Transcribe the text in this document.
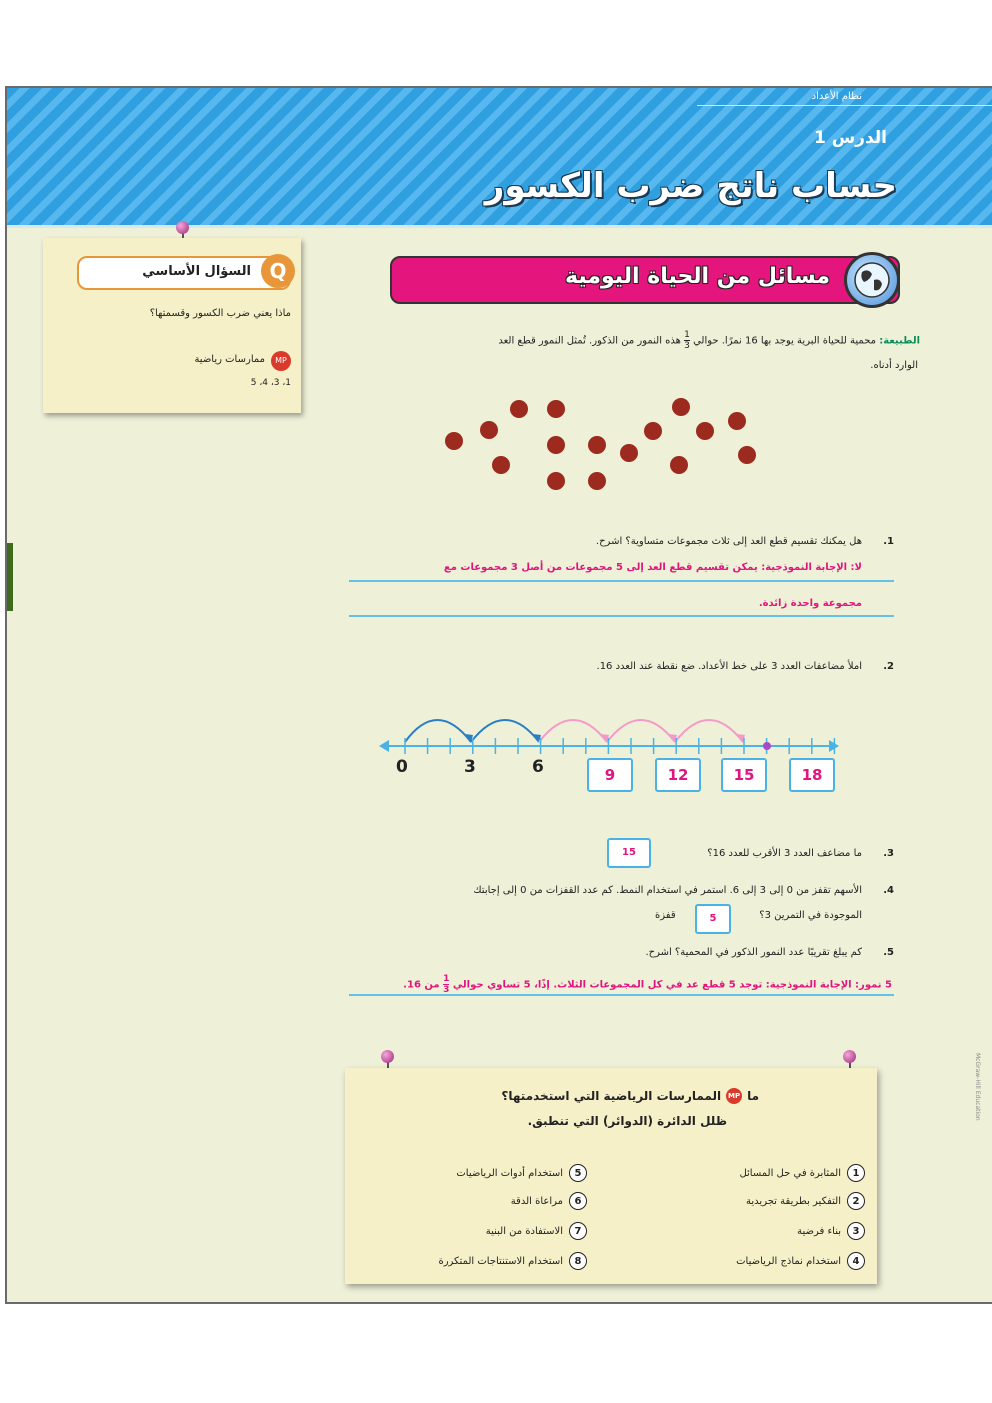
نظام الأعداد
الدرس 1
حساب ناتج ضرب الكسور
Q
السؤال الأساسي
ماذا يعني ضرب الكسور وقسمتها؟
MP
ممارسات رياضية
1، 3، 4، 5
مسائل من الحياة اليومية
الطبيعة: محمية للحياة البرية يوجد بها 16 نمرًا. حوالي
$\frac{1}{3}$
هذه النمور من الذكور. تُمثل النمور قطع العد
الوارد أدناه.
1.
هل يمكنك تقسيم قطع العد إلى ثلاث مجموعات متساوية؟ اشرح.
لا: الإجابة النموذجية: يمكن تقسيم قطع العد إلى 5 مجموعات من أصل 3 مجموعات مع
مجموعة واحدة زائدة.
2.
املأ مضاعفات العدد 3 على خط الأعداد. ضع نقطة عند العدد 16.
0	3	6	9	12	15	18
3.
ما مضاعف العدد 3 الأقرب للعدد 16؟
15
4.
الأسهم تقفز من 0 إلى 3 إلى 6. استمر في استخدام النمط. كم عدد القفزات من 0 إلى إجابتك
الموجودة في التمرين 3؟
5
قفزة
5.
كم يبلغ تقريبًا عدد النمور الذكور في المحمية؟ اشرح.
5 نمور: الإجابة النموذجية: توجد 5 قطع عد في كل المجموعات الثلاث. إذًا، 5 تساوي حوالي
$\frac{1}{3}$
من 16.
ما
MP
الممارسات الرياضية التي استخدمتها؟
ظلل الدائرة (الدوائر) التي تنطبق.
1
المثابرة في حل المسائل
2
التفكير بطريقة تجريدية
3
بناء فرضية
4
استخدام نماذج الرياضيات
5
استخدام أدوات الرياضيات
6
مراعاة الدقة
7
الاستفادة من البنية
8
استخدام الاستنتاجات المتكررة
McGraw-Hill Education
